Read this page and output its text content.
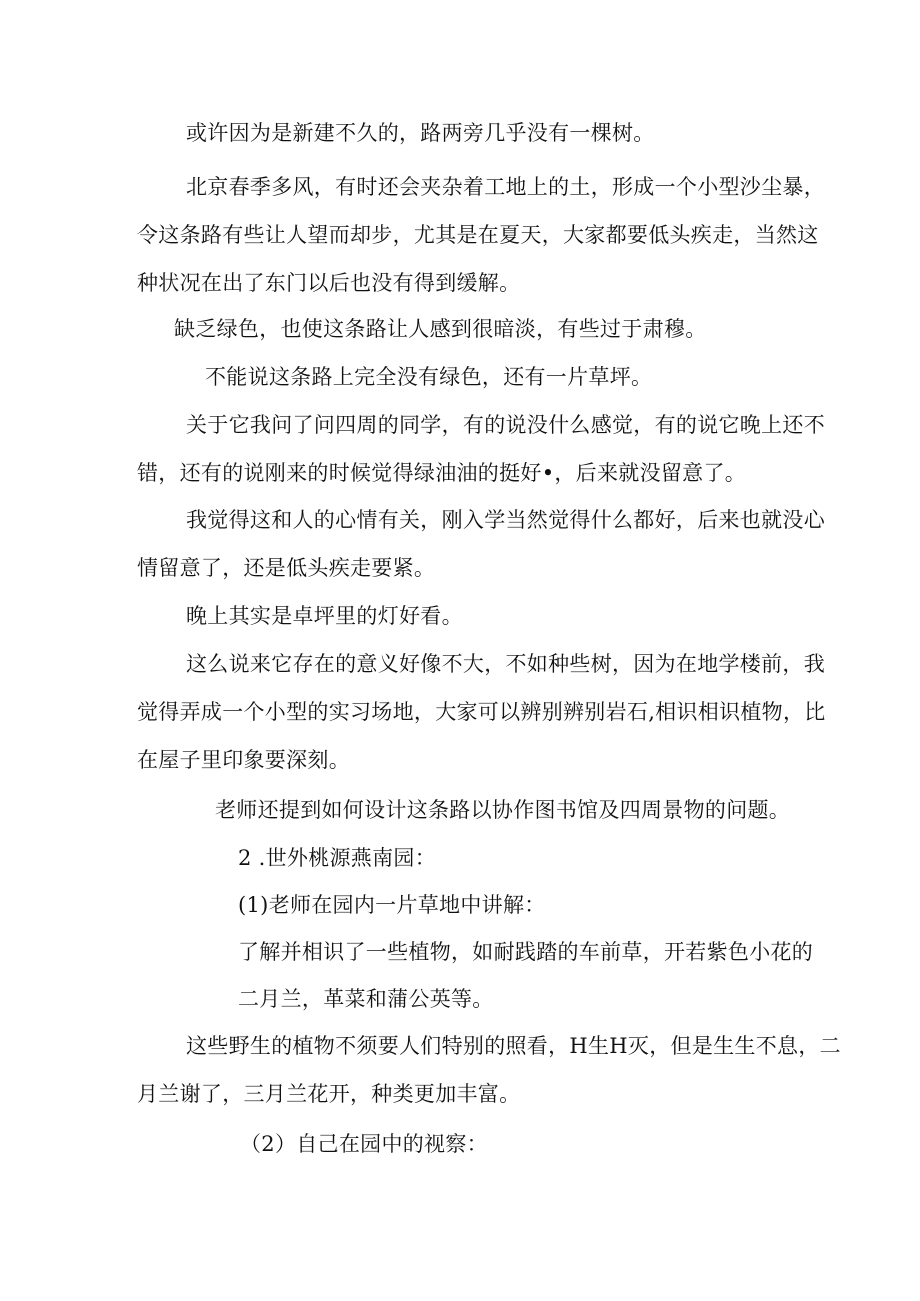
或许因为是新建不久的，路两旁几乎没有一棵树。
北京春季多风，有时还会夹杂着工地上的土，形成一个小型沙尘暴，
令这条路有些让人望而却步，尤其是在夏天，大家都要低头疾走，当然这
种状况在出了东门以后也没有得到缓解。
缺乏绿色，也使这条路让人感到很暗淡，有些过于肃穆。
不能说这条路上完全没有绿色，还有一片草坪。
关于它我问了问四周的同学，有的说没什么感觉，有的说它晚上还不
错，还有的说刚来的时候觉得绿油油的挺好•，后来就没留意了。
我觉得这和人的心情有关，刚入学当然觉得什么都好，后来也就没心
情留意了，还是低头疾走要紧。
晚上其实是卓坪里的灯好看。
这么说来它存在的意义好像不大，不如种些树，因为在地学楼前，我
觉得弄成一个小型的实习场地，大家可以辨别辨别岩石,相识相识植物，比
在屋子里印象要深刻。
老师还提到如何设计这条路以协作图书馆及四周景物的问题。
2 .世外桃源燕南园：
(1)老师在园内一片草地中讲解：
了解并相识了一些植物，如耐践踏的车前草，开若紫色小花的
二月兰，革菜和蒲公英等。
这些野生的植物不须要人们特别的照看，H生H灭，但是生生不息，二
月兰谢了，三月兰花开，种类更加丰富。
（2）自己在园中的视察：
